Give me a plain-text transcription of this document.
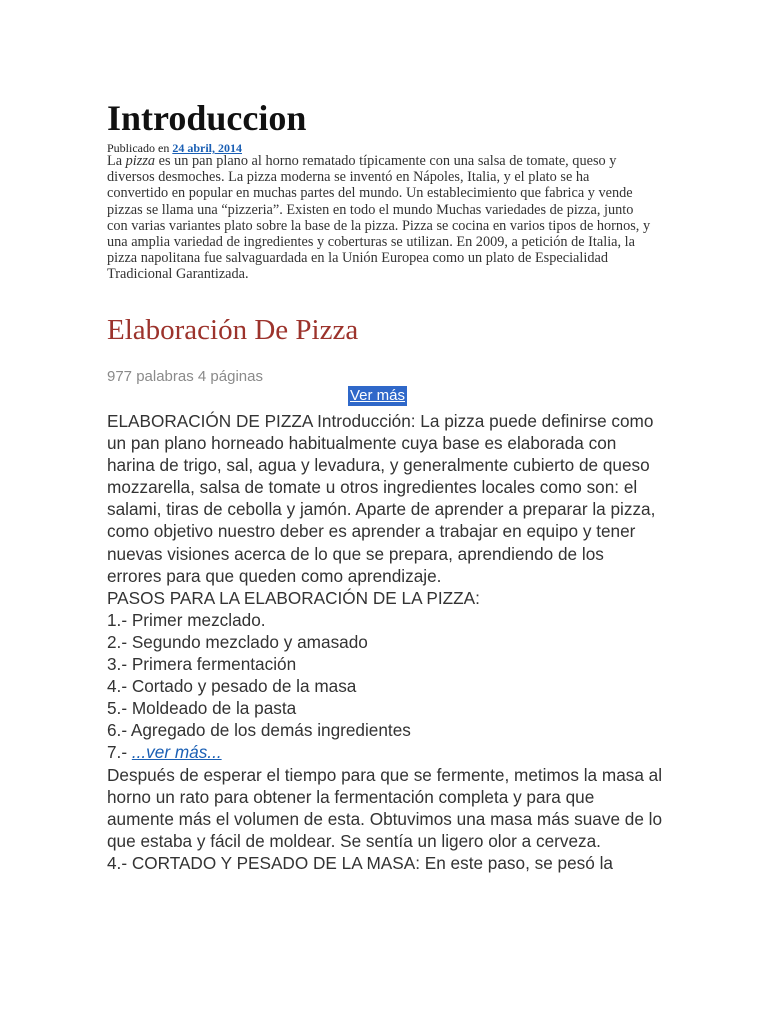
Introduccion
Publicado en 24 abril, 2014

La pizza es un pan plano al horno rematado típicamente con una salsa de tomate, queso y diversos desmoches. La pizza moderna se inventó en Nápoles, Italia, y el plato se ha convertido en popular en muchas partes del mundo. Un establecimiento que fabrica y vende pizzas se llama una “pizzeria”. Existen en todo el mundo Muchas variedades de pizza, junto con varias variantes plato sobre la base de la pizza. Pizza se cocina en varios tipos de hornos, y una amplia variedad de ingredientes y coberturas se utilizan. En 2009, a petición de Italia, la pizza napolitana fue salvaguardada en la Unión Europea como un plato de Especialidad Tradicional Garantizada.

Elaboración De Pizza
977 palabras 4 páginas
Ver más

ELABORACIÓN DE PIZZA Introducción: La pizza puede definirse como un pan plano horneado habitualmente cuya base es elaborada con harina de trigo, sal, agua y levadura, y generalmente cubierto de queso mozzarella, salsa de tomate u otros ingredientes locales como son: el salami, tiras de cebolla y jamón. Aparte de aprender a preparar la pizza, como objetivo nuestro deber es aprender a trabajar en equipo y tener nuevas visiones acerca de lo que se prepara, aprendiendo de los errores para que queden como aprendizaje.

PASOS PARA LA ELABORACIÓN DE LA PIZZA:

1.- Primer mezclado.

2.- Segundo mezclado y amasado

3.- Primera fermentación

4.- Cortado y pesado de la masa

5.- Moldeado de la pasta

6.- Agregado de los demás ingredientes

7.- ...ver más...

Después de esperar el tiempo para que se fermente, metimos la masa al horno un rato para obtener la fermentación completa y para que aumente más el volumen de esta. Obtuvimos una masa más suave de lo que estaba y fácil de moldear. Se sentía un ligero olor a cerveza.

4.- CORTADO Y PESADO DE LA MASA: En este paso, se pesó la
